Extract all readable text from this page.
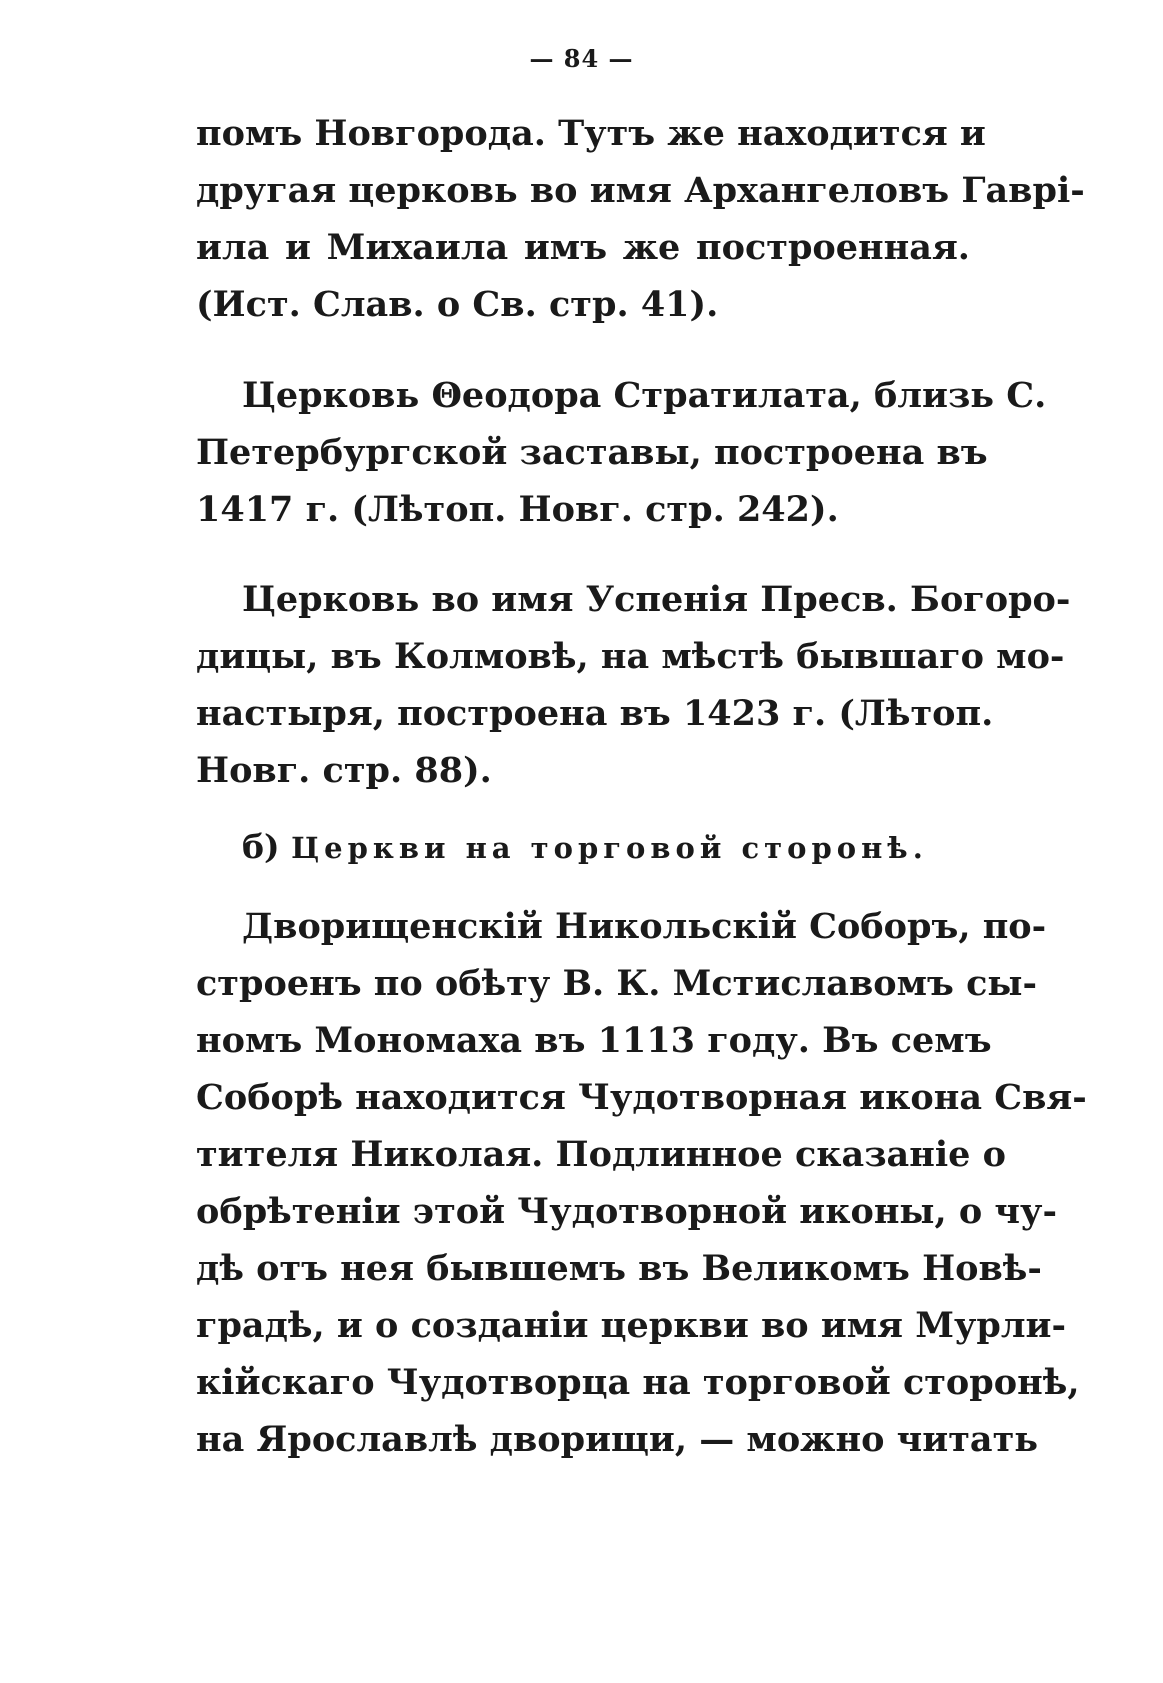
— 84 —
помъ Новгорода. Тутъ же находится и
другая церковь во имя Архангеловъ Гаврі-
ила и Михаила имъ же построенная.
(Ист. Слав. о Св. стр. 41).
Церковь Θеодора Стратилата, близь С.
Петербургской заставы, построена въ
1417 г. (Лѣтоп. Новг. стр. 242).
Церковь во имя Успенія Пресв. Богоро-
дицы, въ Колмовѣ, на мѣстѣ бывшаго мо-
настыря, построена въ 1423 г. (Лѣтоп.
Новг. стр. 88).
б) Церкви на торговой сторонѣ.
Дворищенскій Никольскій Соборъ, по-
строенъ по обѣту В. К. Мстиславомъ сы-
номъ Мономаха въ 1113 году. Въ семъ
Соборѣ находится Чудотворная икона Свя-
тителя Николая. Подлинное сказаніе о
обрѣтеніи этой Чудотворной иконы, о чу-
дѣ отъ нея бывшемъ въ Великомъ Новѣ-
градѣ, и о созданіи церкви во имя Мурли-
кійскаго Чудотворца на торговой сторонѣ,
на Ярославлѣ дворищи, — можно читать
